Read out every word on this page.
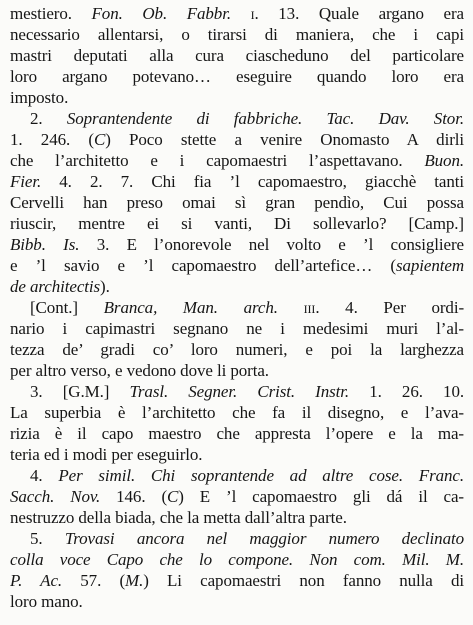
mestiero. Fon. Ob. Fabbr. i. 13. Quale argano era
necessario allentarsi, o tirarsi di maniera, che i capi
mastri deputati alla cura ciascheduno del particolare
loro argano potevano… eseguire quando loro era
imposto.
2. Soprantendente di fabbriche. Tac. Dav. Stor.
1. 246. (C) Poco stette a venire Onomasto A dirli
che l’architetto e i capomaestri l’aspettavano. Buon.
Fier. 4. 2. 7. Chi fia ’l capomaestro, giacchè tanti
Cervelli han preso omai sì gran pendìo, Cui possa
riuscir, mentre ei si vanti, Di sollevarlo? [Camp.]
Bibb. Is. 3. E l’onorevole nel volto e ’l consigliere
e ’l savio e ’l capomaestro dell’artefice… (sapientem
de architectis).
[Cont.] Branca, Man. arch. iii. 4. Per ordi-
nario i capimastri segnano ne i medesimi muri l’al-
tezza de’ gradi co’ loro numeri, e poi la larghezza
per altro verso, e vedono dove li porta.
3. [G.M.] Trasl. Segner. Crist. Instr. 1. 26. 10.
La superbia è l’architetto che fa il disegno, e l’ava-
rizia è il capo maestro che appresta l’opere e la ma-
teria ed i modi per eseguirlo.
4. Per simil. Chi soprantende ad altre cose. Franc.
Sacch. Nov. 146. (C) E ’l capomaestro gli dá il ca-
nestruzzo della biada, che la metta dall’altra parte.
5. Trovasi ancora nel maggior numero declinato
colla voce Capo che lo compone. Non com. Mil. M.
P. Ac. 57. (M.) Li capomaestri non fanno nulla di
loro mano.
